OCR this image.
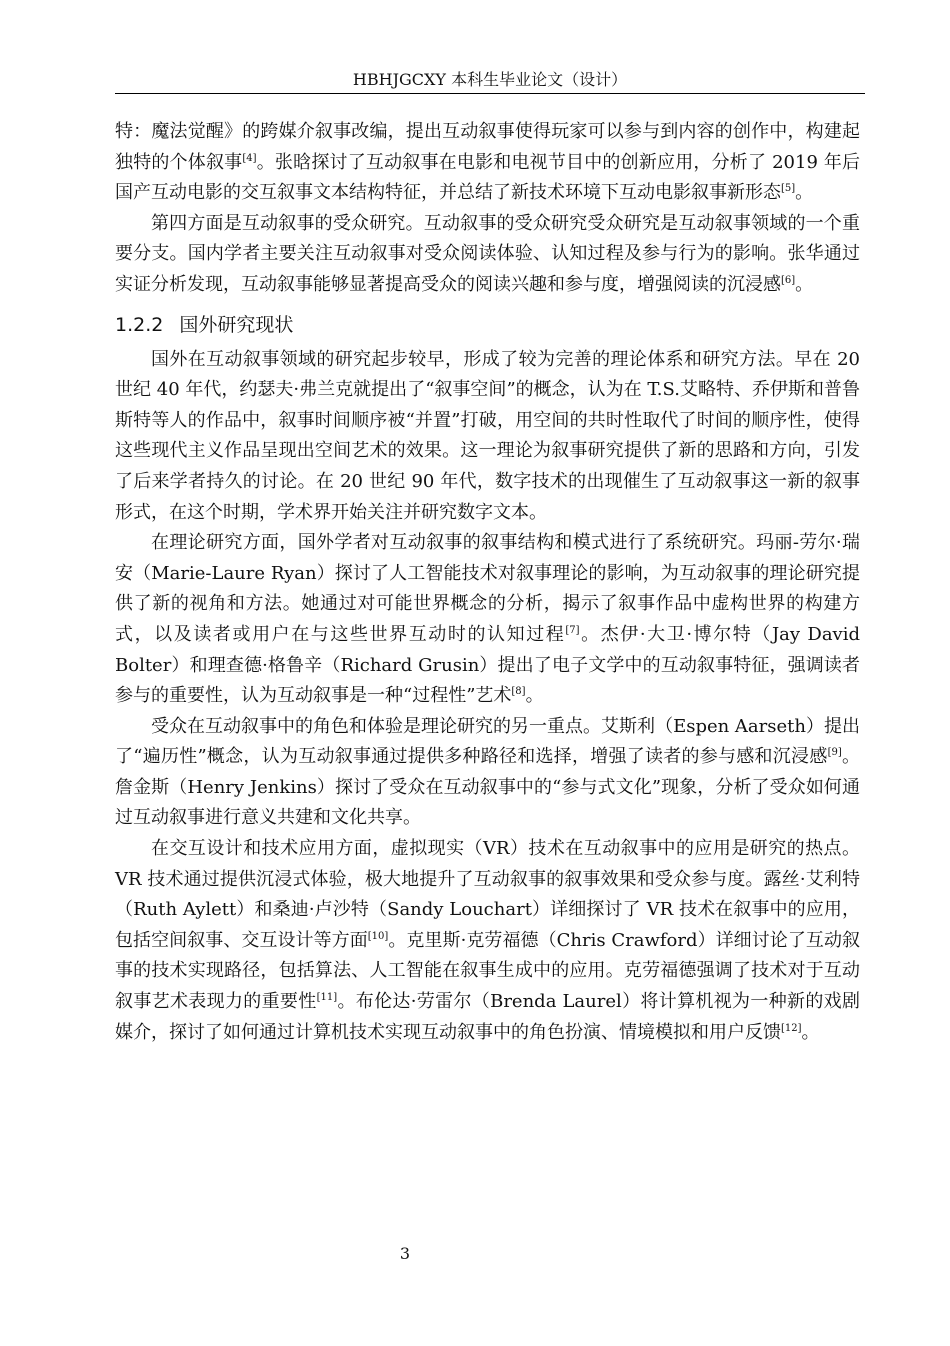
HBHJGCXY 本科生毕业论文（设计）

特：魔法觉醒》的跨媒介叙事改编，提出互动叙事使得玩家可以参与到内容的创作中，构建起独特的个体叙事[4]。张晗探讨了互动叙事在电影和电视节目中的创新应用，分析了 2019 年后国产互动电影的交互叙事文本结构特征，并总结了新技术环境下互动电影叙事新形态[5]。

第四方面是互动叙事的受众研究。互动叙事的受众研究受众研究是互动叙事领域的一个重要分支。国内学者主要关注互动叙事对受众阅读体验、认知过程及参与行为的影响。张华通过实证分析发现，互动叙事能够显著提高受众的阅读兴趣和参与度，增强阅读的沉浸感[6]。

1.2.2 国外研究现状

国外在互动叙事领域的研究起步较早，形成了较为完善的理论体系和研究方法。早在 20 世纪 40 年代，约瑟夫·弗兰克就提出了“叙事空间”的概念，认为在 T.S.艾略特、乔伊斯和普鲁斯特等人的作品中，叙事时间顺序被“并置”打破，用空间的共时性取代了时间的顺序性，使得这些现代主义作品呈现出空间艺术的效果。这一理论为叙事研究提供了新的思路和方向，引发了后来学者持久的讨论。在 20 世纪 90 年代，数字技术的出现催生了互动叙事这一新的叙事形式，在这个时期，学术界开始关注并研究数字文本。

在理论研究方面，国外学者对互动叙事的叙事结构和模式进行了系统研究。玛丽-劳尔·瑞安（Marie-Laure Ryan）探讨了人工智能技术对叙事理论的影响，为互动叙事的理论研究提供了新的视角和方法。她通过对可能世界概念的分析，揭示了叙事作品中虚构世界的构建方式，以及读者或用户在与这些世界互动时的认知过程[7]。杰伊·大卫·博尔特（Jay David Bolter）和理查德·格鲁辛（Richard Grusin）提出了电子文学中的互动叙事特征，强调读者参与的重要性，认为互动叙事是一种“过程性”艺术[8]。

受众在互动叙事中的角色和体验是理论研究的另一重点。艾斯利（Espen Aarseth）提出了“遍历性”概念，认为互动叙事通过提供多种路径和选择，增强了读者的参与感和沉浸感[9]。詹金斯（Henry Jenkins）探讨了受众在互动叙事中的“参与式文化”现象，分析了受众如何通过互动叙事进行意义共建和文化共享。

在交互设计和技术应用方面，虚拟现实（VR）技术在互动叙事中的应用是研究的热点。VR 技术通过提供沉浸式体验，极大地提升了互动叙事的叙事效果和受众参与度。露丝·艾利特（Ruth Aylett）和桑迪·卢沙特（Sandy Louchart）详细探讨了 VR 技术在叙事中的应用，包括空间叙事、交互设计等方面[10]。克里斯·克劳福德（Chris Crawford）详细讨论了互动叙事的技术实现路径，包括算法、人工智能在叙事生成中的应用。克劳福德强调了技术对于互动叙事艺术表现力的重要性[11]。布伦达·劳雷尔（Brenda Laurel）将计算机视为一种新的戏剧媒介，探讨了如何通过计算机技术实现互动叙事中的角色扮演、情境模拟和用户反馈[12]。

3
